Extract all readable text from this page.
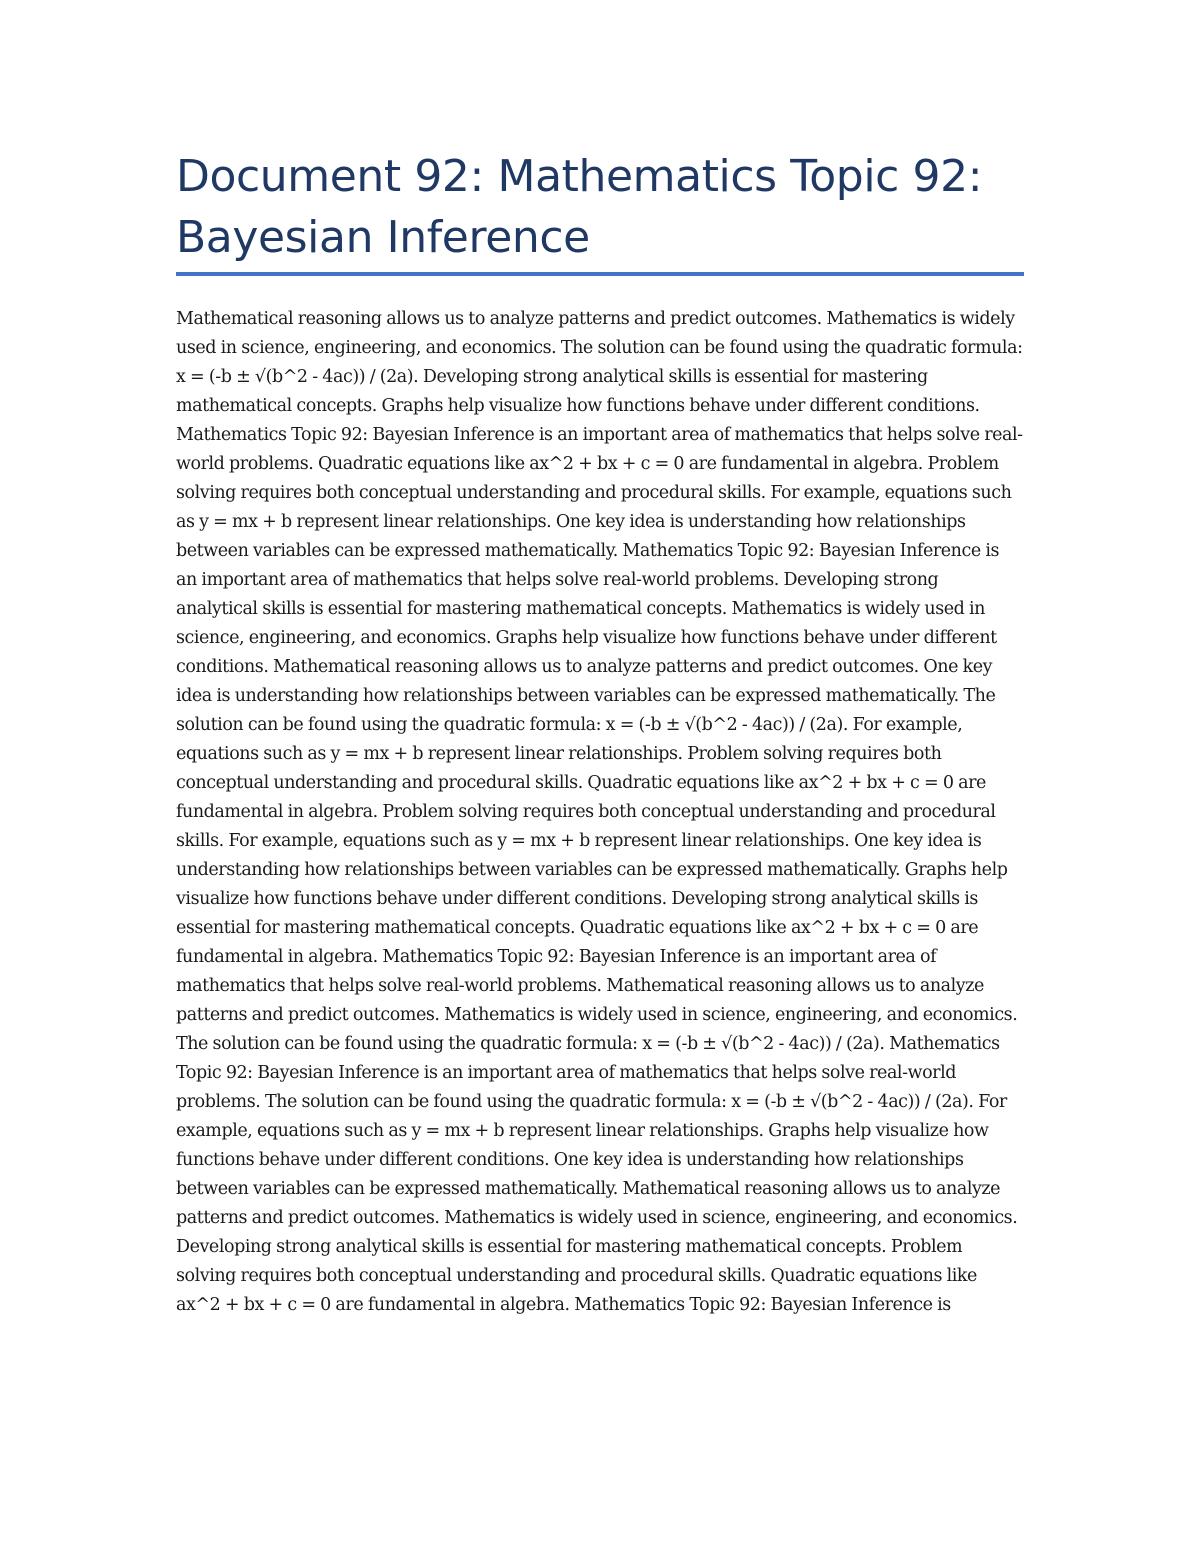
Document 92: Mathematics Topic 92: Bayesian Inference

Mathematical reasoning allows us to analyze patterns and predict outcomes. Mathematics is widely used in science, engineering, and economics. The solution can be found using the quadratic formula: x = (-b ± √(b^2 - 4ac)) / (2a). Developing strong analytical skills is essential for mastering mathematical concepts. Graphs help visualize how functions behave under different conditions. Mathematics Topic 92: Bayesian Inference is an important area of mathematics that helps solve real-world problems. Quadratic equations like ax^2 + bx + c = 0 are fundamental in algebra. Problem solving requires both conceptual understanding and procedural skills. For example, equations such as y = mx + b represent linear relationships. One key idea is understanding how relationships between variables can be expressed mathematically. Mathematics Topic 92: Bayesian Inference is an important area of mathematics that helps solve real-world problems. Developing strong analytical skills is essential for mastering mathematical concepts. Mathematics is widely used in science, engineering, and economics. Graphs help visualize how functions behave under different conditions. Mathematical reasoning allows us to analyze patterns and predict outcomes. One key idea is understanding how relationships between variables can be expressed mathematically. The solution can be found using the quadratic formula: x = (-b ± √(b^2 - 4ac)) / (2a). For example, equations such as y = mx + b represent linear relationships. Problem solving requires both conceptual understanding and procedural skills. Quadratic equations like ax^2 + bx + c = 0 are fundamental in algebra. Problem solving requires both conceptual understanding and procedural skills. For example, equations such as y = mx + b represent linear relationships. One key idea is understanding how relationships between variables can be expressed mathematically. Graphs help visualize how functions behave under different conditions. Developing strong analytical skills is essential for mastering mathematical concepts. Quadratic equations like ax^2 + bx + c = 0 are fundamental in algebra. Mathematics Topic 92: Bayesian Inference is an important area of mathematics that helps solve real-world problems. Mathematical reasoning allows us to analyze patterns and predict outcomes. Mathematics is widely used in science, engineering, and economics. The solution can be found using the quadratic formula: x = (-b ± √(b^2 - 4ac)) / (2a). Mathematics Topic 92: Bayesian Inference is an important area of mathematics that helps solve real-world problems. The solution can be found using the quadratic formula: x = (-b ± √(b^2 - 4ac)) / (2a). For example, equations such as y = mx + b represent linear relationships. Graphs help visualize how functions behave under different conditions. One key idea is understanding how relationships between variables can be expressed mathematically. Mathematical reasoning allows us to analyze patterns and predict outcomes. Mathematics is widely used in science, engineering, and economics. Developing strong analytical skills is essential for mastering mathematical concepts. Problem solving requires both conceptual understanding and procedural skills. Quadratic equations like ax^2 + bx + c = 0 are fundamental in algebra. Mathematics Topic 92: Bayesian Inference is
